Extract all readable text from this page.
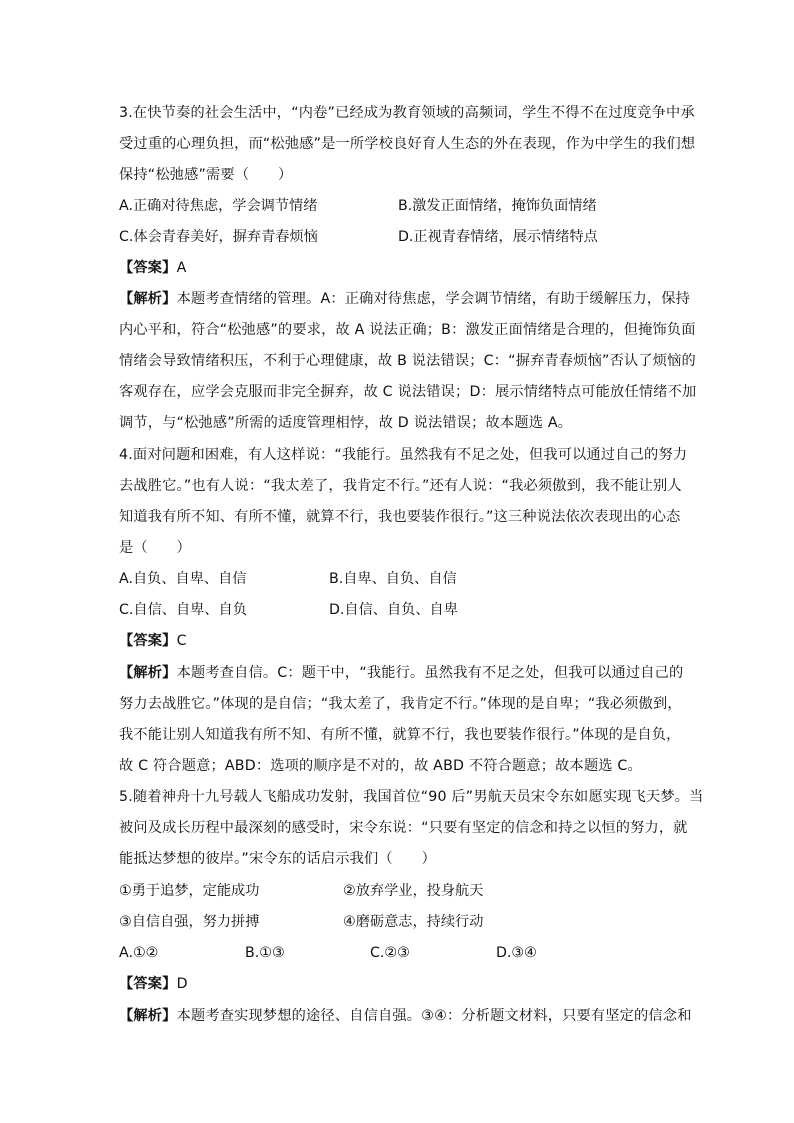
3.在快节奏的社会生活中，“内卷”已经成为教育领域的高频词，学生不得不在过度竞争中承
受过重的心理负担，而“松弛感”是一所学校良好育人生态的外在表现，作为中学生的我们想
保持“松弛感”需要（　　）
A.正确对待焦虑，学会调节情绪	B.激发正面情绪，掩饰负面情绪
C.体会青春美好，摒弃青春烦恼	D.正视青春情绪，展示情绪特点
【答案】A
【解析】本题考查情绪的管理。A：正确对待焦虑，学会调节情绪，有助于缓解压力，保持
内心平和，符合“松弛感”的要求，故 A 说法正确；B：激发正面情绪是合理的，但掩饰负面
情绪会导致情绪积压，不利于心理健康，故 B 说法错误；C：“摒弃青春烦恼”否认了烦恼的
客观存在，应学会克服而非完全摒弃，故 C 说法错误；D：展示情绪特点可能放任情绪不加
调节，与“松弛感”所需的适度管理相悖，故 D 说法错误；故本题选 A。
4.面对问题和困难，有人这样说：“我能行。虽然我有不足之处，但我可以通过自己的努力
去战胜它。”也有人说：“我太差了，我肯定不行。”还有人说：“我必须傲到，我不能让别人
知道我有所不知、有所不懂，就算不行，我也要装作很行。”这三种说法依次表现出的心态
是（　　）
A.自负、自卑、自信	B.自卑、自负、自信
C.自信、自卑、自负	D.自信、自负、自卑
【答案】C
【解析】本题考查自信。C：题干中，“我能行。虽然我有不足之处，但我可以通过自己的
努力去战胜它。”体现的是自信；“我太差了，我肯定不行。”体现的是自卑；“我必须傲到，
我不能让别人知道我有所不知、有所不懂，就算不行，我也要装作很行。”体现的是自负，
故 C 符合题意；ABD：选项的顺序是不对的，故 ABD 不符合题意；故本题选 C。
5.随着神舟十九号载人飞船成功发射，我国首位“90 后”男航天员宋令东如愿实现飞天梦。当
被问及成长历程中最深刻的感受时，宋令东说：“只要有坚定的信念和持之以恒的努力，就
能抵达梦想的彼岸。”宋令东的话启示我们（　　）
①勇于追梦，定能成功	②放弃学业，投身航天
③自信自强，努力拼搏	④磨砺意志，持续行动
A.①②	B.①③	C.②③	D.③④
【答案】D
【解析】本题考查实现梦想的途径、自信自强。③④：分析题文材料，只要有坚定的信念和
